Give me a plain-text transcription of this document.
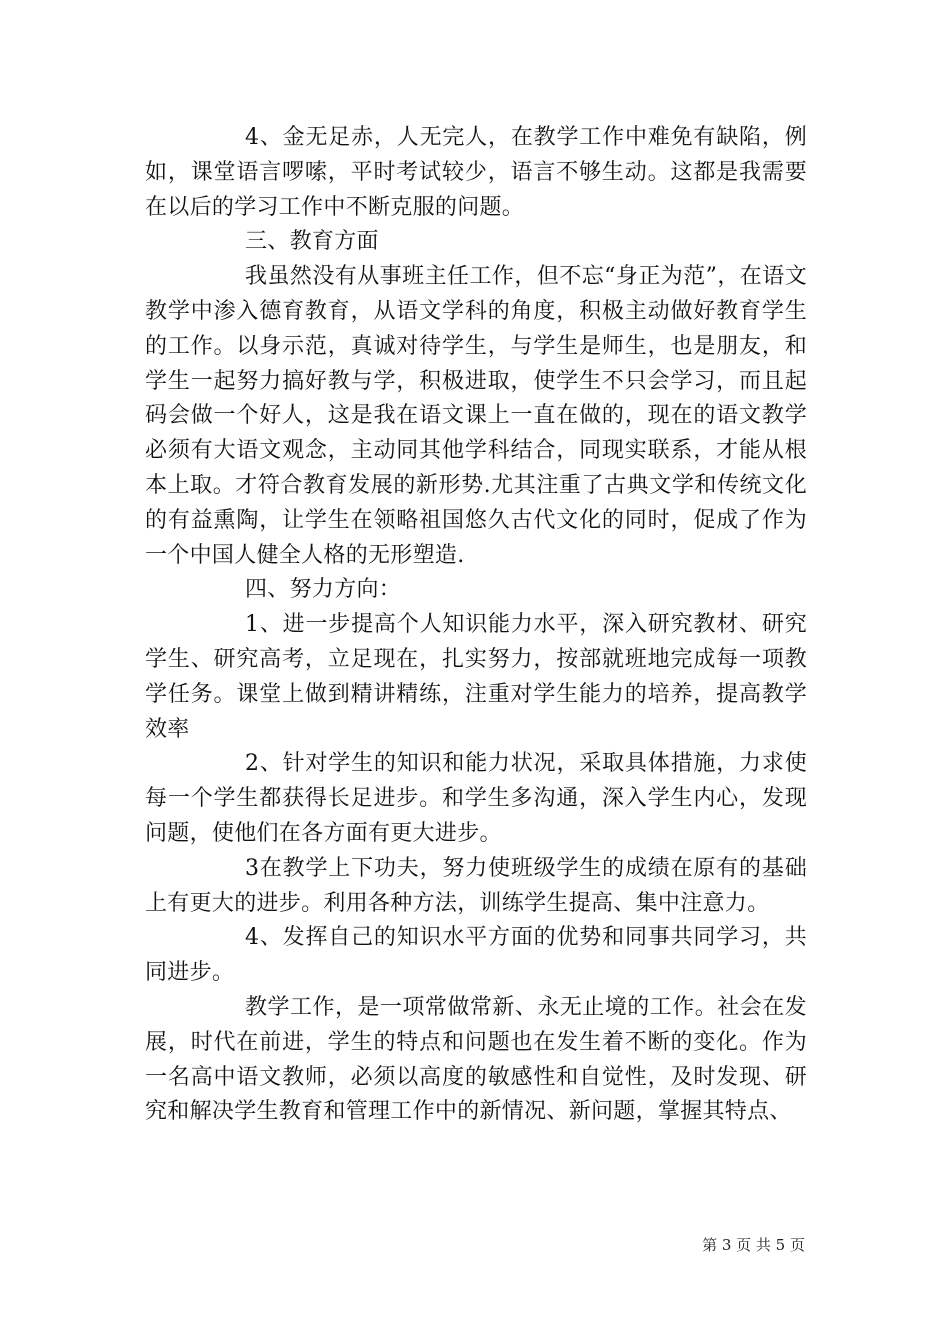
4、金无足赤，人无完人，在教学工作中难免有缺陷，例如，课堂语言啰嗦，平时考试较少，语言不够生动。这都是我需要在以后的学习工作中不断克服的问题。

三、教育方面

我虽然没有从事班主任工作，但不忘“身正为范”，在语文教学中渗入德育教育，从语文学科的角度，积极主动做好教育学生的工作。以身示范，真诚对待学生，与学生是师生，也是朋友，和学生一起努力搞好教与学，积极进取，使学生不只会学习，而且起码会做一个好人，这是我在语文课上一直在做的，现在的语文教学必须有大语文观念，主动同其他学科结合，同现实联系，才能从根本上取。才符合教育发展的新形势.尤其注重了古典文学和传统文化的有益熏陶，让学生在领略祖国悠久古代文化的同时，促成了作为一个中国人健全人格的无形塑造.

四、努力方向：

1、进一步提高个人知识能力水平，深入研究教材、研究学生、研究高考，立足现在，扎实努力，按部就班地完成每一项教学任务。课堂上做到精讲精练，注重对学生能力的培养，提高教学效率

2、针对学生的知识和能力状况，采取具体措施，力求使每一个学生都获得长足进步。和学生多沟通，深入学生内心，发现问题，使他们在各方面有更大进步。

3在教学上下功夫，努力使班级学生的成绩在原有的基础上有更大的进步。利用各种方法，训练学生提高、集中注意力。

4、发挥自己的知识水平方面的优势和同事共同学习，共同进步。

教学工作，是一项常做常新、永无止境的工作。社会在发展，时代在前进，学生的特点和问题也在发生着不断的变化。作为一名高中语文教师，必须以高度的敏感性和自觉性，及时发现、研究和解决学生教育和管理工作中的新情况、新问题，掌握其特点、

第 3 页 共 5 页
